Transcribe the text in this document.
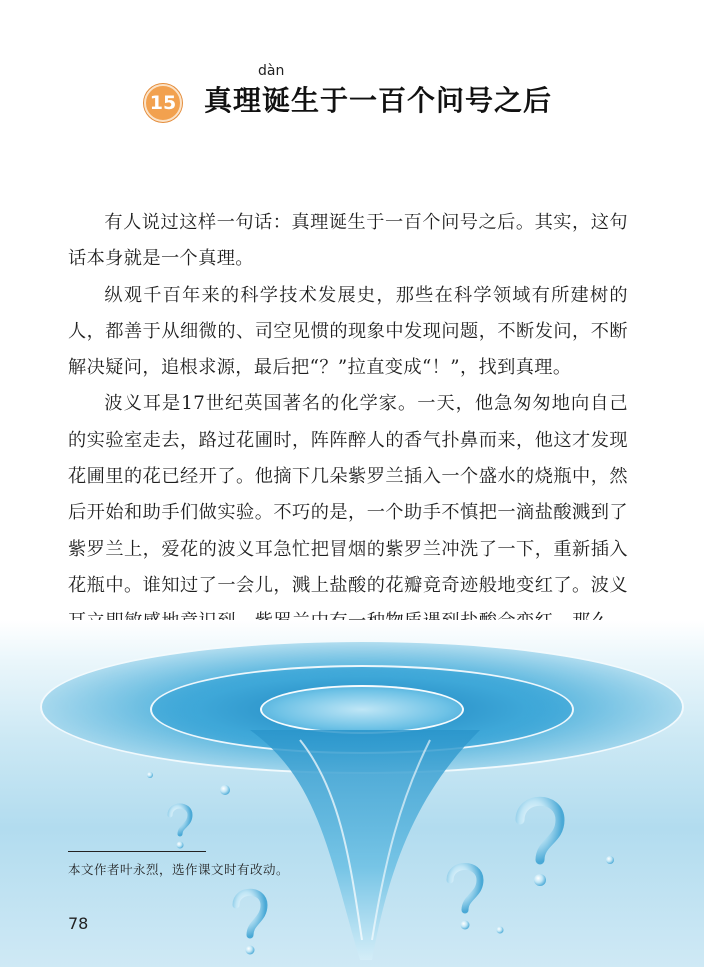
15
dàn
真理诞生于一百个问号之后

有人说过这样一句话：真理诞生于一百个问号之后。其实，这句话本身就是一个真理。

纵观千百年来的科学技术发展史，那些在科学领域有所建树的人，都善于从细微的、司空见惯的现象中发现问题，不断发问，不断解决疑问，追根求源，最后把“？”拉直变成“！”，找到真理。

波义耳是17世纪英国著名的化学家。一天，他急匆匆地向自己的实验室走去，路过花圃时，阵阵醉人的香气扑鼻而来，他这才发现花圃里的花已经开了。他摘下几朵紫罗兰插入一个盛水的烧瓶中，然后开始和助手们做实验。不巧的是，一个助手不慎把一滴盐酸溅到了紫罗兰上，爱花的波义耳急忙把冒烟的紫罗兰冲洗了一下，重新插入花瓶中。谁知过了一会儿，溅上盐酸的花瓣竟奇迹般地变红了。波义

本文作者叶永烈，选作课文时有改动。
78
